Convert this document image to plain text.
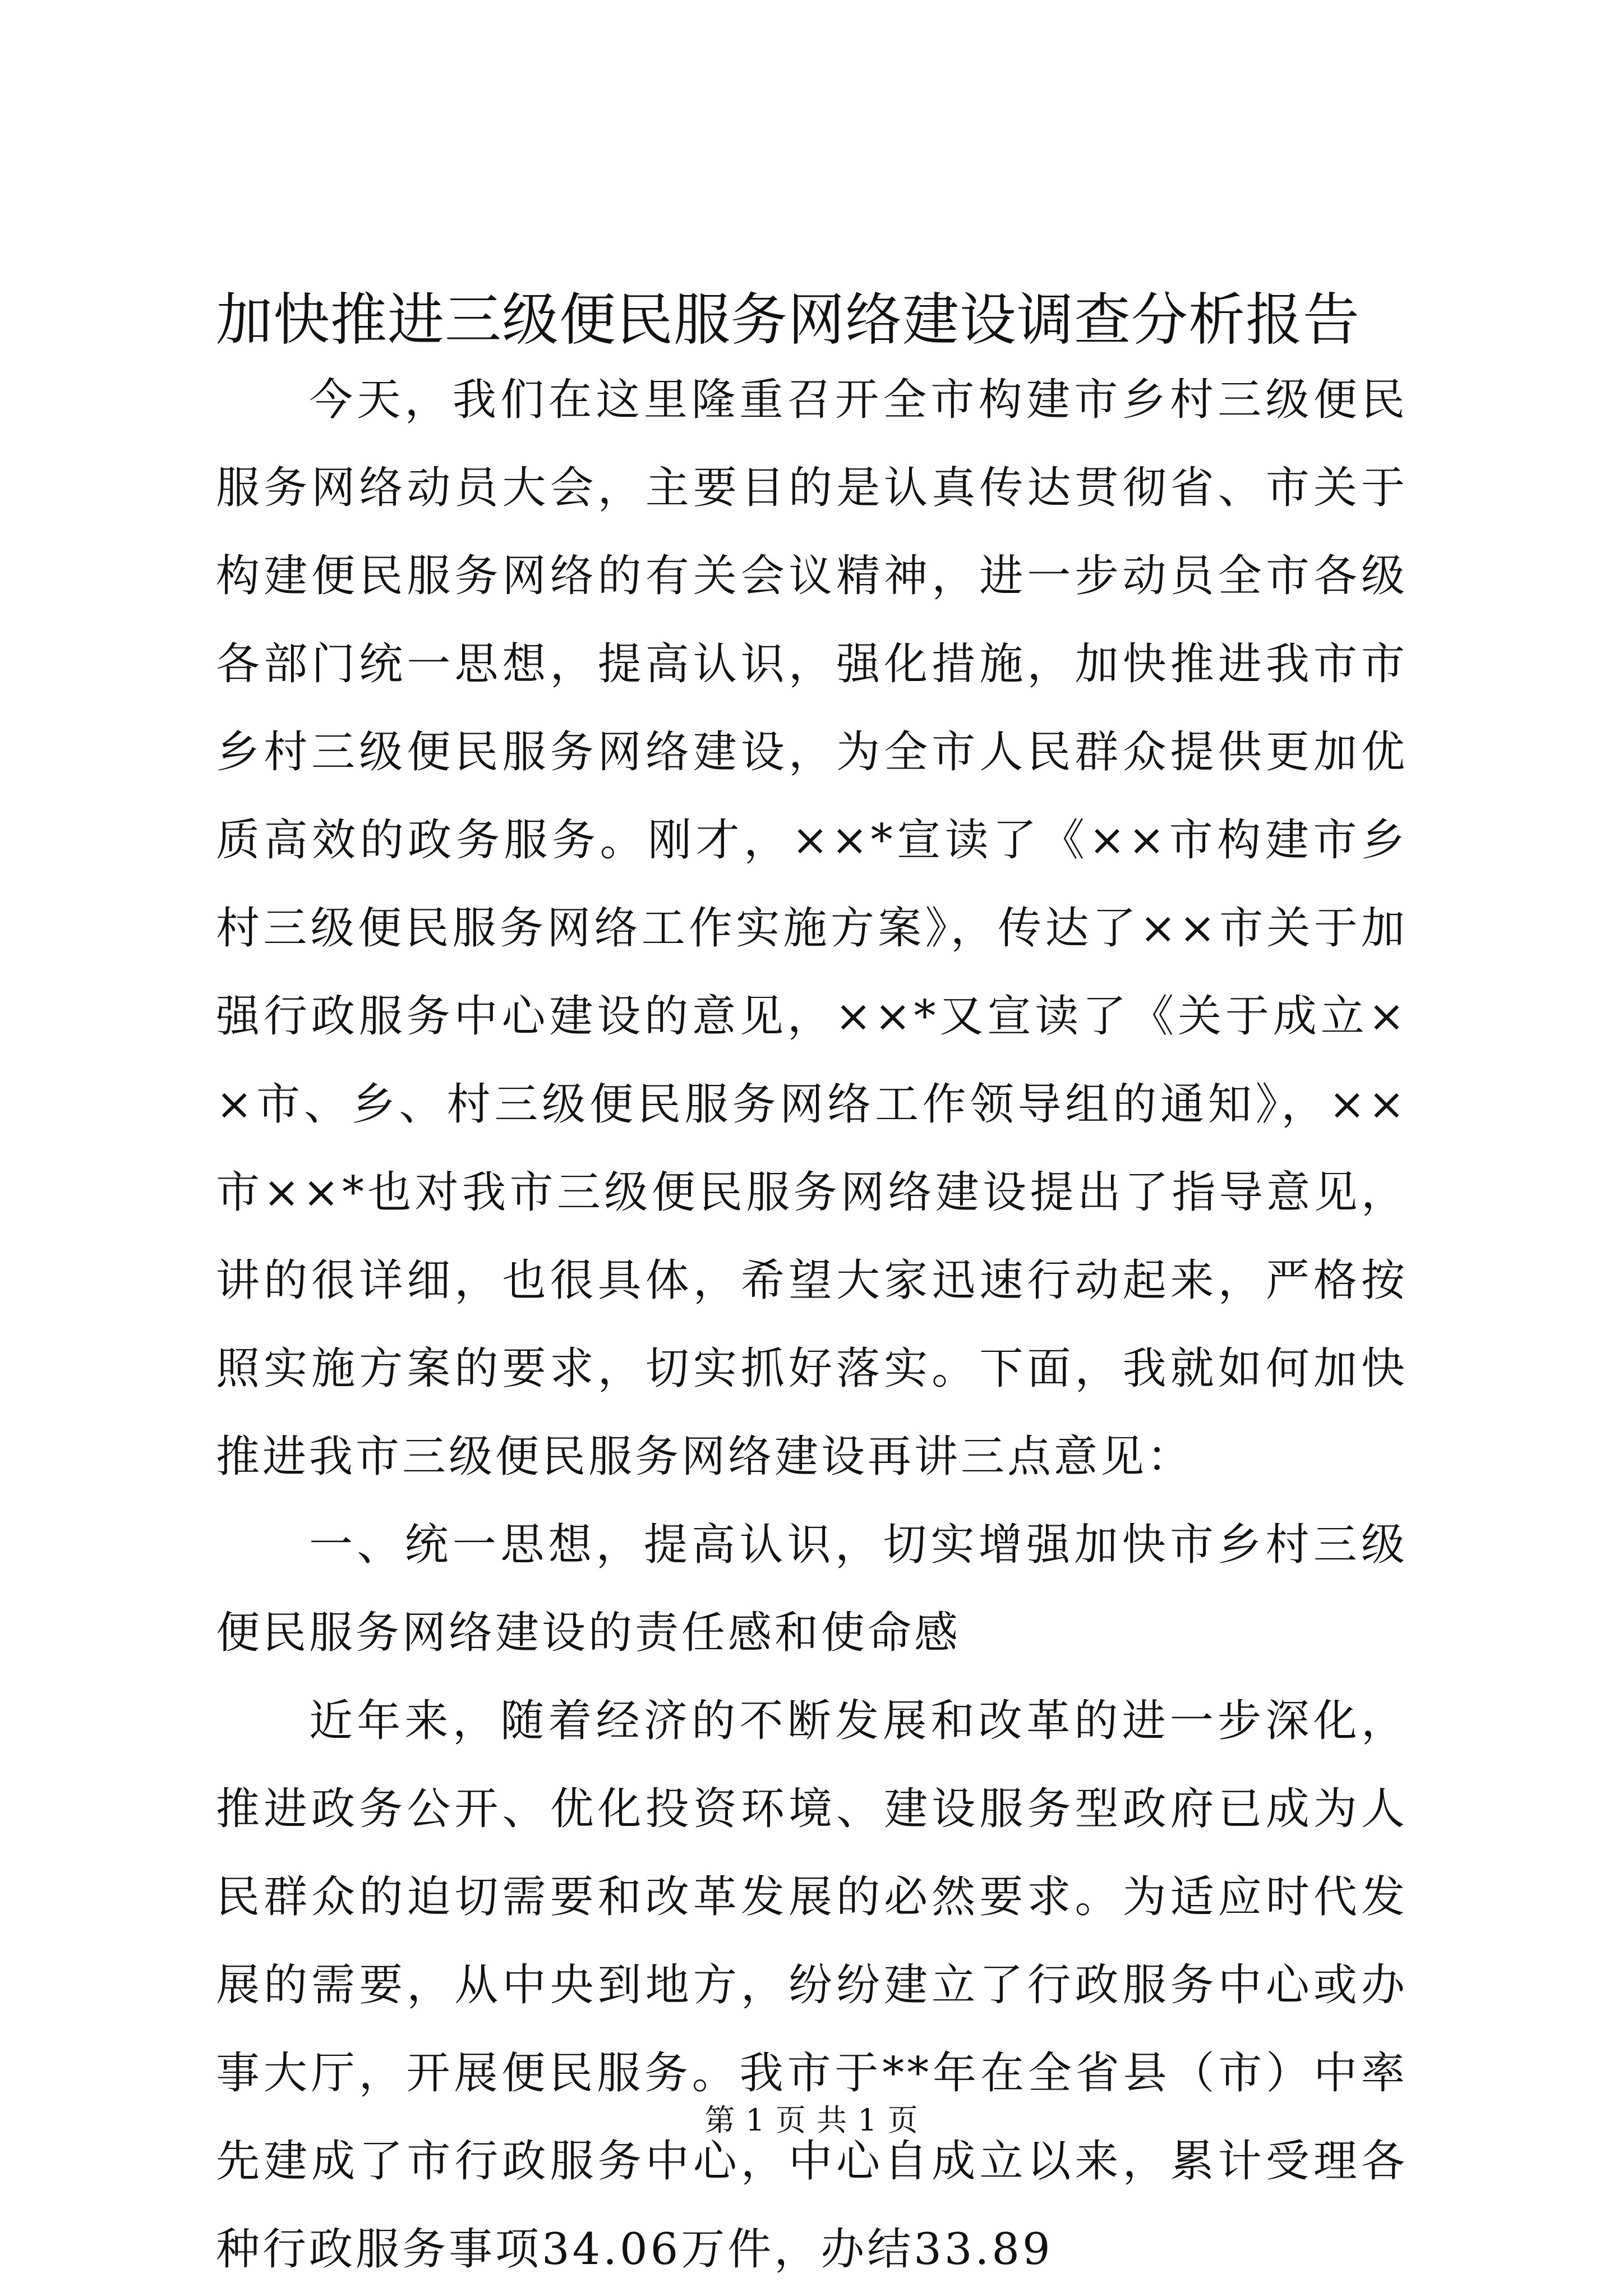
加快推进三级便民服务网络建设调查分析报告

今天，我们在这里隆重召开全市构建市乡村三级便民服务网络动员大会，主要目的是认真传达贯彻省、市关于构建便民服务网络的有关会议精神，进一步动员全市各级各部门统一思想，提高认识，强化措施，加快推进我市市乡村三级便民服务网络建设，为全市人民群众提供更加优质高效的政务服务。刚才，××*宣读了《××市构建市乡村三级便民服务网络工作实施方案》，传达了××市关于加强行政服务中心建设的意见，××*又宣读了《关于成立××市、乡、村三级便民服务网络工作领导组的通知》，××市××*也对我市三级便民服务网络建设提出了指导意见，讲的很详细，也很具体，希望大家迅速行动起来，严格按照实施方案的要求，切实抓好落实。下面，我就如何加快推进我市三级便民服务网络建设再讲三点意见：

一、统一思想，提高认识，切实增强加快市乡村三级便民服务网络建设的责任感和使命感

近年来，随着经济的不断发展和改革的进一步深化，推进政务公开、优化投资环境、建设服务型政府已成为人民群众的迫切需要和改革发展的必然要求。为适应时代发展的需要，从中央到地方，纷纷建立了行政服务中心或办事大厅，开展便民服务。我市于**年在全省县（市）中率先建成了市行政服务中心，中心自成立以来，累计受理各种行政服务事项34.06万件，办结33.89

第 1 页 共 1 页
